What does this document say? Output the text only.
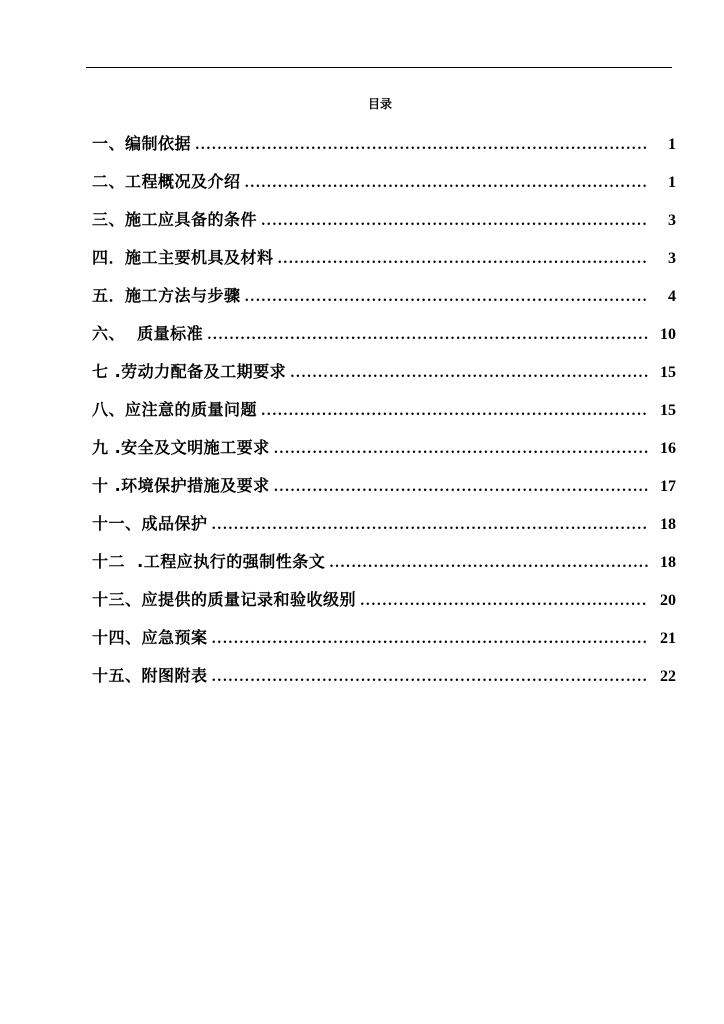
目录
一、编制依据 .....	1
二、工程概况及介绍 .....	1
三、施工应具备的条件 .....	3
四．施工主要机具及材料 .....	3
五．施工方法与步骤 .....	4
六、  质量标准 .....	10
七 .劳动力配备及工期要求 .....	15
八、应注意的质量问题 .....	15
九 .安全及文明施工要求 .....	16
十 .环境保护措施及要求 .....	17
十一、成品保护 .....	18
十二  .工程应执行的强制性条文 .....	18
十三、应提供的质量记录和验收级别 .....	20
十四、应急预案 .....	21
十五、附图附表 .....	22
